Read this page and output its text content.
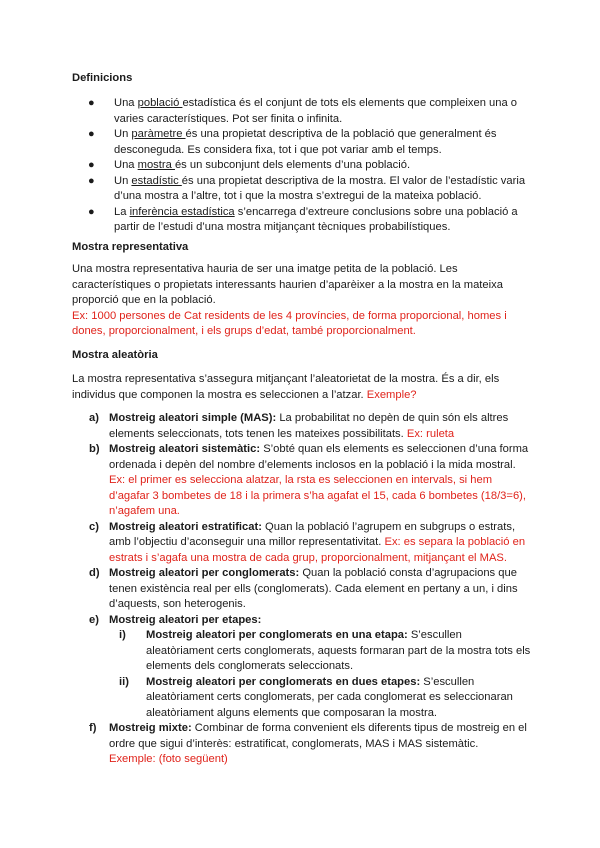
Definicions

● Una població estadística és el conjunt de tots els elements que compleixen una o varies característiques. Pot ser finita o infinita.
● Un paràmetre és una propietat descriptiva de la població que generalment és desconeguda. Es considera fixa, tot i que pot variar amb el temps.
● Una mostra és un subconjunt dels elements d’una població.
● Un estadístic és una propietat descriptiva de la mostra. El valor de l’estadístic varia d’una mostra a l’altre, tot i que la mostra s’extregui de la mateixa població.
● La inferència estadística s’encarrega d’extreure conclusions sobre una població a partir de l’estudi d’una mostra mitjançant tècniques probabilístiques.

Mostra representativa

Una mostra representativa hauria de ser una imatge petita de la població. Les característiques o propietats interessants haurien d’aparèixer a la mostra en la mateixa proporció que en la població.

Ex: 1000 persones de Cat residents de les 4 províncies, de forma proporcional, homes i dones, proporcionalment, i els grups d’edat, també proporcionalment.

Mostra aleatòria

La mostra representativa s’assegura mitjançant l’aleatorietat de la mostra. És a dir, els individus que componen la mostra es seleccionen a l’atzar. Exemple?

a) Mostreig aleatori simple (MAS): La probabilitat no depèn de quin són els altres elements seleccionats, tots tenen les mateixes possibilitats. Ex: ruleta
b) Mostreig aleatori sistemàtic: S’obté quan els elements es seleccionen d’una forma ordenada i depèn del nombre d’elements inclosos en la població i la mida mostral.
Ex: el primer es selecciona alatzar, la rsta es seleccionen en intervals, si hem d’agafar 3 bombetes de 18 i la primera s’ha agafat el 15, cada 6 bombetes (18/3=6), n’agafem una.
c) Mostreig aleatori estratificat: Quan la població l’agrupem en subgrups o estrats, amb l’objectiu d’aconseguir una millor representativitat. Ex: es separa la població en estrats i s’agafa una mostra de cada grup, proporcionalment, mitjançant el MAS.
d) Mostreig aleatori per conglomerats: Quan la població consta d’agrupacions que tenen existència real per ells (conglomerats). Cada element en pertany a un, i dins d’aquests, son heterogenis.
e) Mostreig aleatori per etapes:
i) Mostreig aleatori per conglomerats en una etapa: S’escullen aleatòriament certs conglomerats, aquests formaran part de la mostra tots els elements dels conglomerats seleccionats.
ii) Mostreig aleatori per conglomerats en dues etapes: S’escullen aleatòriament certs conglomerats, per cada conglomerat es seleccionaran aleatòriament alguns elements que composaran la mostra.
f) Mostreig mixte: Combinar de forma convenient els diferents tipus de mostreig en el ordre que sigui d’interès: estratificat, conglomerats, MAS i MAS sistemàtic.
Exemple: (foto següent)
